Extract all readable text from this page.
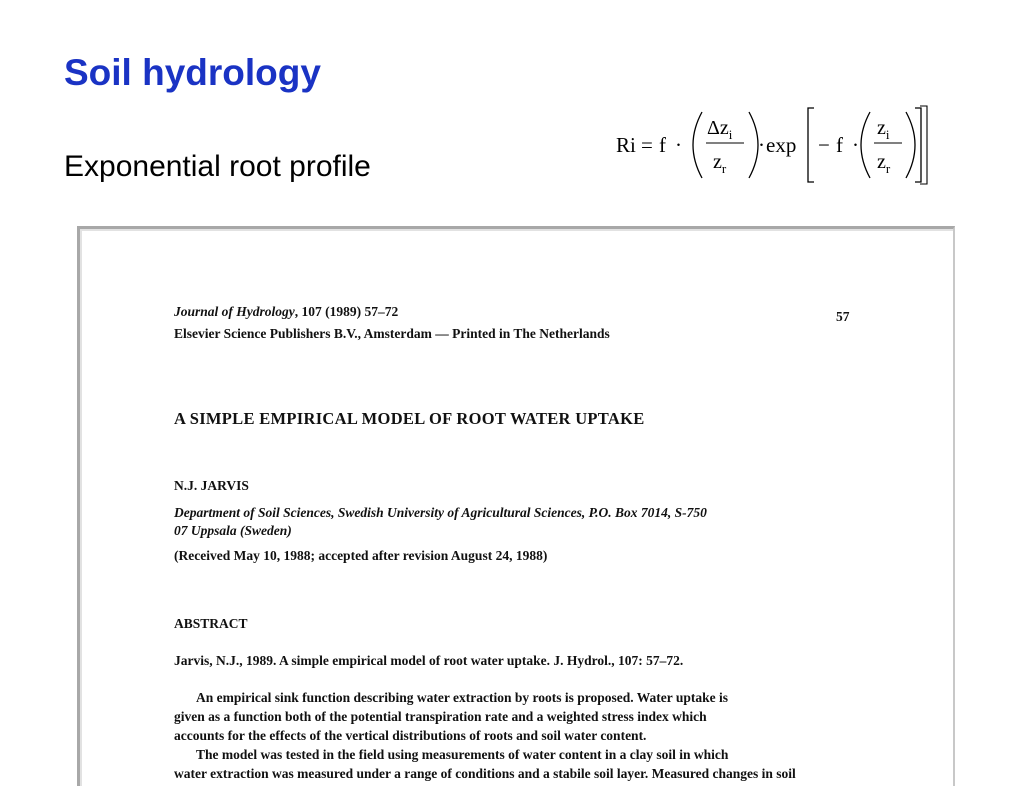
Soil hydrology

Exponential root profile

Ri = f ·
$\Delta z_i$
$z_r$
· exp − f ·
$z_i$
$z_r$
Journal of Hydrology, 107 (1989) 57–72	57
Elsevier Science Publishers B.V., Amsterdam — Printed in The Netherlands
A SIMPLE EMPIRICAL MODEL OF ROOT WATER UPTAKE
N.J. JARVIS
Department of Soil Sciences, Swedish University of Agricultural Sciences, P.O. Box 7014, S-750
07 Uppsala (Sweden)
(Received May 10, 1988; accepted after revision August 24, 1988)
ABSTRACT
Jarvis, N.J., 1989. A simple empirical model of root water uptake. J. Hydrol., 107: 57–72.
An empirical sink function describing water extraction by roots is proposed. Water uptake is
given as a function both of the potential transpiration rate and a weighted stress index which
accounts for the effects of the vertical distributions of roots and soil water content.
The model was tested in the field using measurements of water content in a clay soil in which
water extraction was measured under a range of conditions and a stabile soil layer. Measured changes in soil
